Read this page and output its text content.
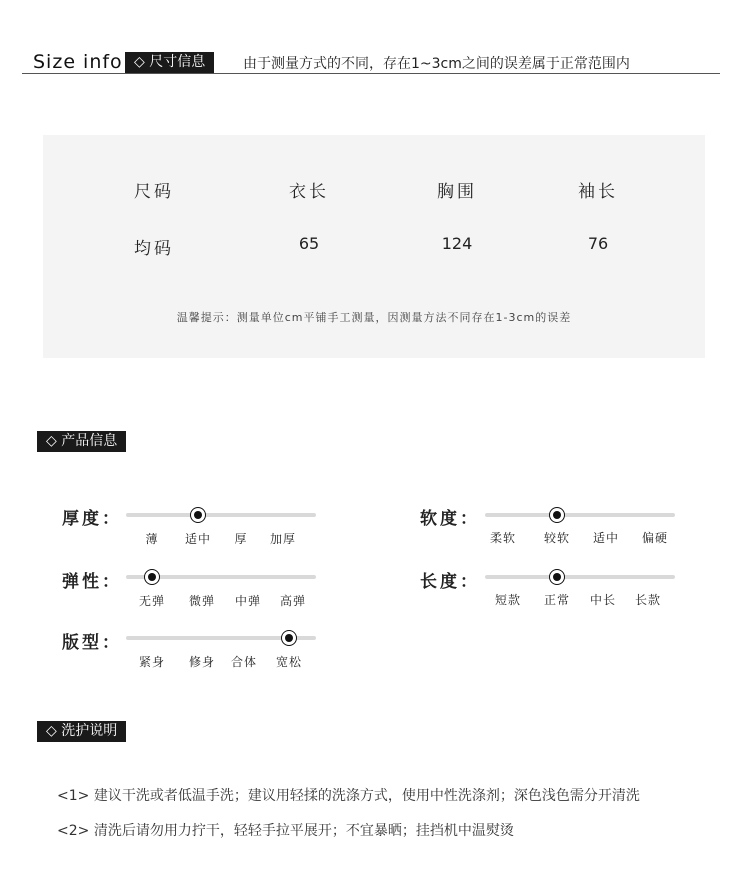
Size info ◇ 尺寸信息	由于测量方式的不同，存在1~3cm之间的误差属于正常范围内
尺码	衣长	胸围	袖长
均码	65	124	76
温馨提示：测量单位cm平铺手工测量，因测量方法不同存在1-3cm的误差
◇ 产品信息
厚度：
薄 适中 厚 加厚
软度：
柔软 较软 适中 偏硬
弹性：
无弹 微弹 中弹 高弹
长度：
短款 正常 中长 长款
版型：
紧身 修身 合体 宽松
◇ 洗护说明
<1> 建议干洗或者低温手洗；建议用轻揉的洗涤方式，使用中性洗涤剂；深色浅色需分开清洗
<2> 清洗后请勿用力拧干，轻轻手拉平展开；不宜暴晒；挂挡机中温熨烫
